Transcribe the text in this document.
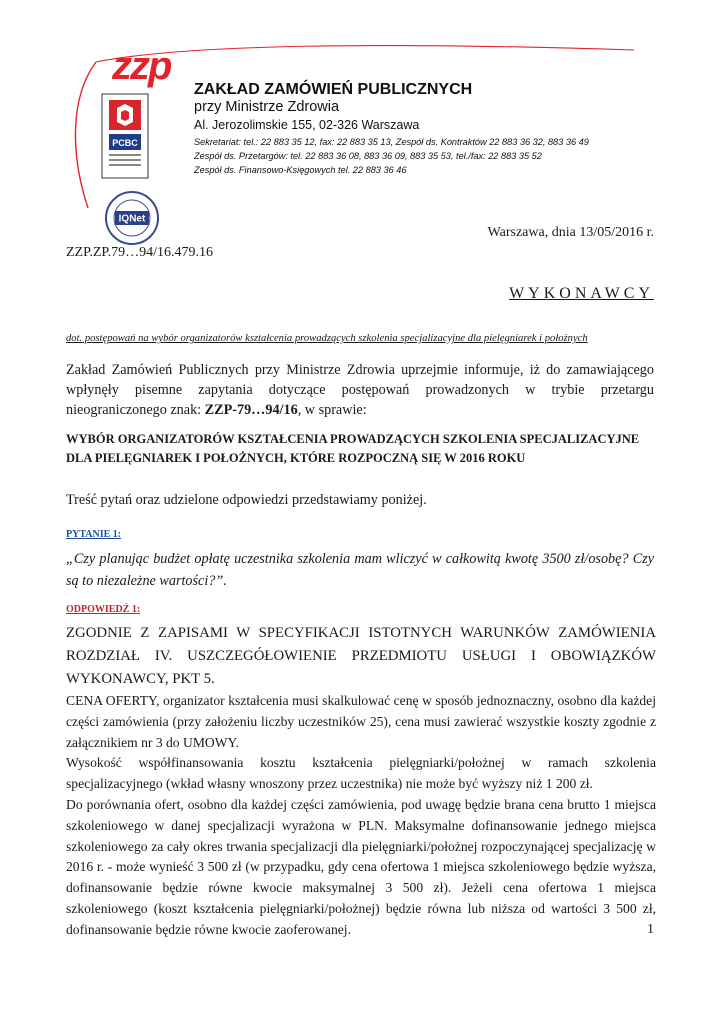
zzp
PCBC
IQNet
ZAKŁAD ZAMÓWIEŃ PUBLICZNYCH
przy Ministrze Zdrowia
Al. Jerozolimskie 155, 02-326 Warszawa
Sekretariat: tel.: 22 883 35 12, fax: 22 883 35 13, Zespół ds. Kontraktów 22 883 36 32, 883 36 49
Zespół ds. Przetargów: tel. 22 883 36 08, 883 36 09, 883 35 53, tel./fax: 22 883 35 52
Zespół ds. Finansowo-Księgowych tel. 22 883 36 46
Warszawa, dnia 13/05/2016 r.
ZZP.ZP.79…94/16.479.16
WYKONAWCY
dot. postępowań na wybór organizatorów kształcenia prowadzących szkolenia specjalizacyjne dla pielęgniarek i położnych
Zakład Zamówień Publicznych przy Ministrze Zdrowia uprzejmie informuje, iż do zamawiającego wpłynęły pisemne zapytania dotyczące postępowań prowadzonych w trybie przetargu nieograniczonego znak: ZZP-79…94/16, w sprawie:
WYBÓR ORGANIZATORÓW KSZTAŁCENIA PROWADZĄCYCH SZKOLENIA SPECJALIZACYJNE
DLA PIELĘGNIAREK I POŁOŻNYCH, KTÓRE ROZPOCZNĄ SIĘ W 2016 ROKU
Treść pytań oraz udzielone odpowiedzi przedstawiamy poniżej.
PYTANIE 1:
„Czy planując budżet opłatę uczestnika szkolenia mam wliczyć w całkowitą kwotę 3500 zł/osobę? Czy są to niezależne wartości?”.
ODPOWIEDŹ 1:

ZGODNIE Z ZAPISAMI W SPECYFIKACJI ISTOTNYCH WARUNKÓW ZAMÓWIENIA ROZDZIAŁ IV. USZCZEGÓŁOWIENIE PRZEDMIOTU USŁUGI I OBOWIĄZKÓW WYKONAWCY, PKT 5.

CENA OFERTY, organizator kształcenia musi skalkulować cenę w sposób jednoznaczny, osobno dla każdej części zamówienia (przy założeniu liczby uczestników 25), cena musi zawierać wszystkie koszty zgodnie z załącznikiem nr 3 do UMOWY.

Wysokość współfinansowania kosztu kształcenia pielęgniarki/położnej w ramach szkolenia specjalizacyjnego (wkład własny wnoszony przez uczestnika) nie może być wyższy niż 1 200 zł.

Do porównania ofert, osobno dla każdej części zamówienia, pod uwagę będzie brana cena brutto 1 miejsca szkoleniowego w danej specjalizacji wyrażona w PLN. Maksymalne dofinansowanie jednego miejsca szkoleniowego za cały okres trwania specjalizacji dla pielęgniarki/położnej rozpoczynającej specjalizację w 2016 r. - może wynieść 3 500 zł (w przypadku, gdy cena ofertowa 1 miejsca szkoleniowego będzie wyższa, dofinansowanie będzie równe kwocie maksymalnej 3 500 zł). Jeżeli cena ofertowa 1 miejsca szkoleniowego (koszt kształcenia pielęgniarki/położnej) będzie równa lub niższa od wartości 3 500 zł, dofinansowanie będzie równe kwocie zaoferowanej.	1
